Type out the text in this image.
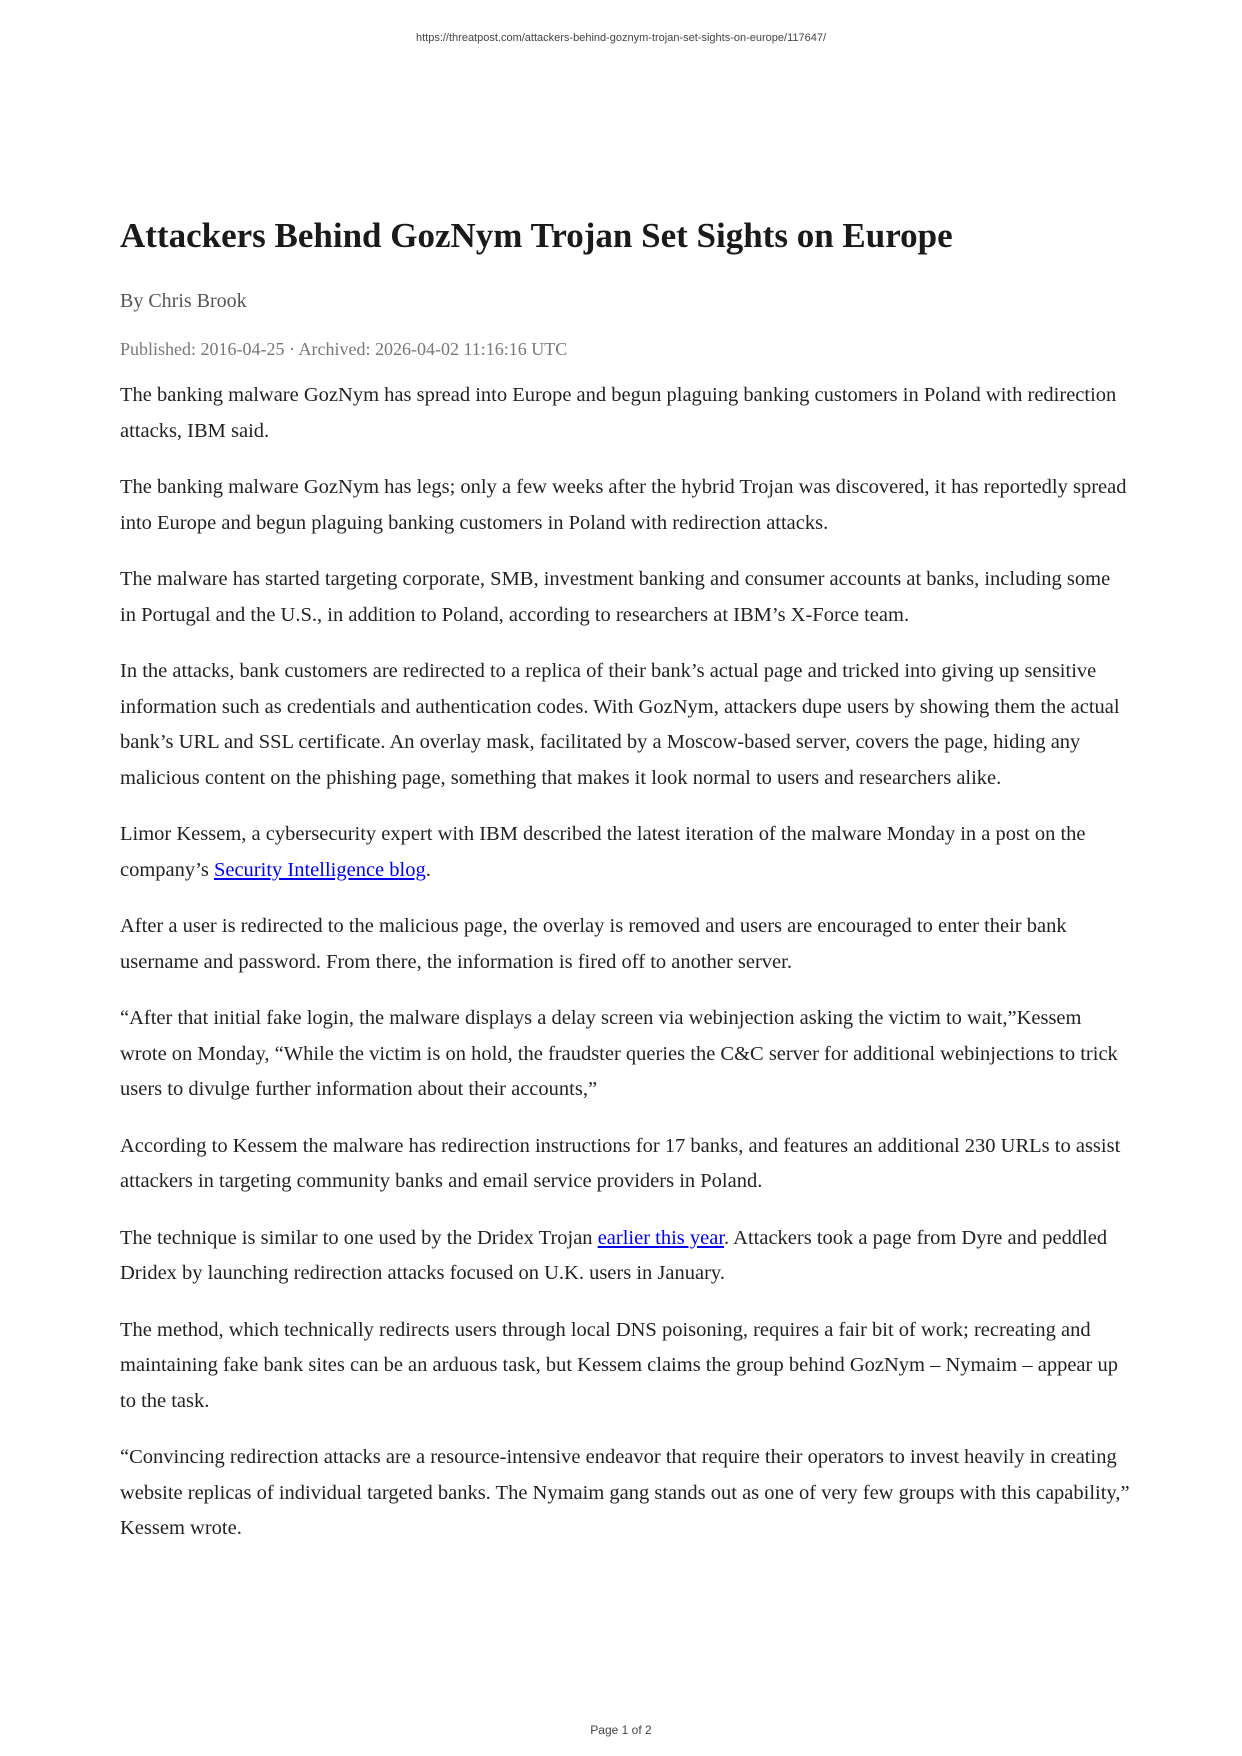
https://threatpost.com/attackers-behind-goznym-trojan-set-sights-on-europe/117647/
Attackers Behind GozNym Trojan Set Sights on Europe
By Chris Brook
Published: 2016-04-25 · Archived: 2026-04-02 11:16:16 UTC

The banking malware GozNym has spread into Europe and begun plaguing banking customers in Poland with redirection attacks, IBM said.

The banking malware GozNym has legs; only a few weeks after the hybrid Trojan was discovered, it has reportedly spread into Europe and begun plaguing banking customers in Poland with redirection attacks.

The malware has started targeting corporate, SMB, investment banking and consumer accounts at banks, including some in Portugal and the U.S., in addition to Poland, according to researchers at IBM’s X-Force team.

In the attacks, bank customers are redirected to a replica of their bank’s actual page and tricked into giving up sensitive information such as credentials and authentication codes. With GozNym, attackers dupe users by showing them the actual bank’s URL and SSL certificate. An overlay mask, facilitated by a Moscow-based server, covers the page, hiding any malicious content on the phishing page, something that makes it look normal to users and researchers alike.

Limor Kessem, a cybersecurity expert with IBM described the latest iteration of the malware Monday in a post on the company’s Security Intelligence blog.

After a user is redirected to the malicious page, the overlay is removed and users are encouraged to enter their bank username and password. From there, the information is fired off to another server.

“After that initial fake login, the malware displays a delay screen via webinjection asking the victim to wait,”Kessem wrote on Monday, “While the victim is on hold, the fraudster queries the C&C server for additional webinjections to trick users to divulge further information about their accounts,”

According to Kessem the malware has redirection instructions for 17 banks, and features an additional 230 URLs to assist attackers in targeting community banks and email service providers in Poland.

The technique is similar to one used by the Dridex Trojan earlier this year. Attackers took a page from Dyre and peddled Dridex by launching redirection attacks focused on U.K. users in January.

The method, which technically redirects users through local DNS poisoning, requires a fair bit of work; recreating and maintaining fake bank sites can be an arduous task, but Kessem claims the group behind GozNym – Nymaim – appear up to the task.

“Convincing redirection attacks are a resource-intensive endeavor that require their operators to invest heavily in creating website replicas of individual targeted banks. The Nymaim gang stands out as one of very few groups with this capability,” Kessem wrote.

Page 1 of 2
